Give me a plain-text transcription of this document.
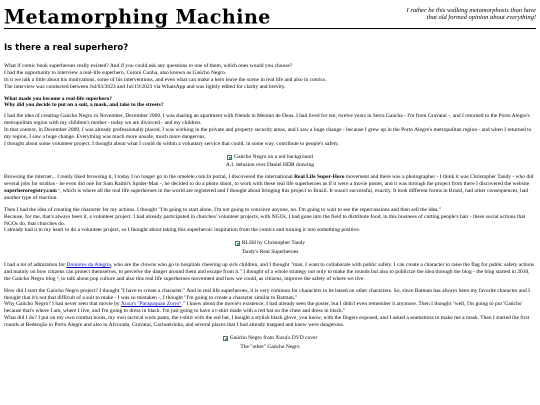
Metamorphing Machine	I rather be this walking metamorphosis than have that old formed opinion about everything!
Is there a real superhero?

What if comic book superheroes really existed? And if you could ask any questions to one of them, which ones would you choose?
I had the opportunity to interview a real-life superhero, Ceroni Cunha, also known as Gaúcho Negro.
In it we talk a little about his motivations, some of his interventions, and even what can make a hero leave the scene in real life and also in comics.
The interview was conducted between Jul/03/2023 and Jul/19/2023 via WhatsApp and was lightly edited for clarity and brevity.

What made you become a real-life superhero?
Why did you decide to put on a suit, a mask, and take to the streets?

I had the idea of creating Gaúcho Negro in November, December 2009. I was sharing an apartment with friends in Menino de Deus. I had lived for ten, twelve years in Serra Gaúcha - I'm from Gravataí -, and I returned to the Porto Alegre's metropolitan region with my children's mother - today we are divorced - and my children.
In that context, in December 2009, I was already professionally placed, I was working in the private and property security areas, and I saw a huge change - because I grew up in the Porto Alegre's metropolitan region - and when I returned to my region, I saw a huge change. Everything was much more unsafe, much more dangerous.
I thought about some volunteer project. I thought about what I could do within a voluntary service that could, in some way, contribute to people's safety.

Gaúcho Negro on a red background

A.I. delusion over Daniel HDR drawing

Browsing the internet... I really liked browsing it, I today I no longer go to the omelete.com.br portal, I discovered the international Real Life Super-Hero movement and there was a photographer - I think it was Christopher Tandy - who did several jobs for studios - he even did one for Sam Raimi's Spider-Man -, he decided to do a photo shoot, to work with these real life superheroes as if it were a movie poster, and it was through the project from there I discovered the website superheroregistry.com ¹, which is where all the real life superheroes in the world are registered and I thought about bringing this project to Brazil. It wasn't successful, exactly. It took different forms in Brazil, had other consequences, had another type of reaction.

Then I had the idea of creating the character for my actions. I thought "I'm going to start alone, I'm not going to convince anyone, no. I'm going to wait to see the repercussions and then sell the idea."
Because, for me, that's always been it, a volunteer project. I had already participated in churches' volunteer projects, with NGOs, I had gone into the field to distribute food, in this business of cutting people's hair - these social actions that NGOs do, that churches do.
I already had it in my heart to do a volunteer project, so I thought about taking this superheroic inspiration from the comics and turning it into something positive.

RLSH by Christopher Tandy

Tandy's Real Superheroes

I had a lot of admiration for Doutores da Alegria, who are the clowns who go to hospitals cheering up sick children, and I thought "man, I want to collaborate with public safety. I can create a character to raise the flag for public safety actions and mainly on how citizens can protect themselves, to perceive the danger around them and escape from it." I thought of a whole strategy not only to make the rounds but also to publicize the idea through the blog - the blog started in 2010, the Gaúcho Negro blog ², to talk about pop culture and also this real life superheroes movement and how we could, as citizens, improve the safety of where we live.

How did I start the Gaúcho Negro project? I thought "I have to create a character." And in real life superheroes, it is very common for characters to be based on other characters. So, since Batman has always been my favorite character and I thought that it's not that difficult of a suit to make - I was so mistaken -, I thought "I'm going to create a character similar to Batman."
Why Gaúcho Negro? I had never seen that movie by Xuxa's "Parapaquan Zorro"." I knew about the movie's existence, I had already seen the poster, but I didn't even remember it anymore. Then I thought "well, I'm going to put 'Gaúcho' because that's where I am, where I live, and I'm going to dress in black. I'm just going to have a t-shirt made with a red bat on the chest and dress in black."
What did I do? I put on my own combat boots, my own tactical work pants, the t-shirt with the red bat, I bought a stylish black glove, you know, with the fingers exposed, and I asked a seamstress to make me a mask. Then I started the first rounds at Redenção in Porto Alegre and also in Alvorada, Gravataí, Cachoeirinha, and several places that I had already mapped and knew were dangerous.

Gaúcho Negro from Xuxa's DVD cover

The "other" Gaúcho Negro
